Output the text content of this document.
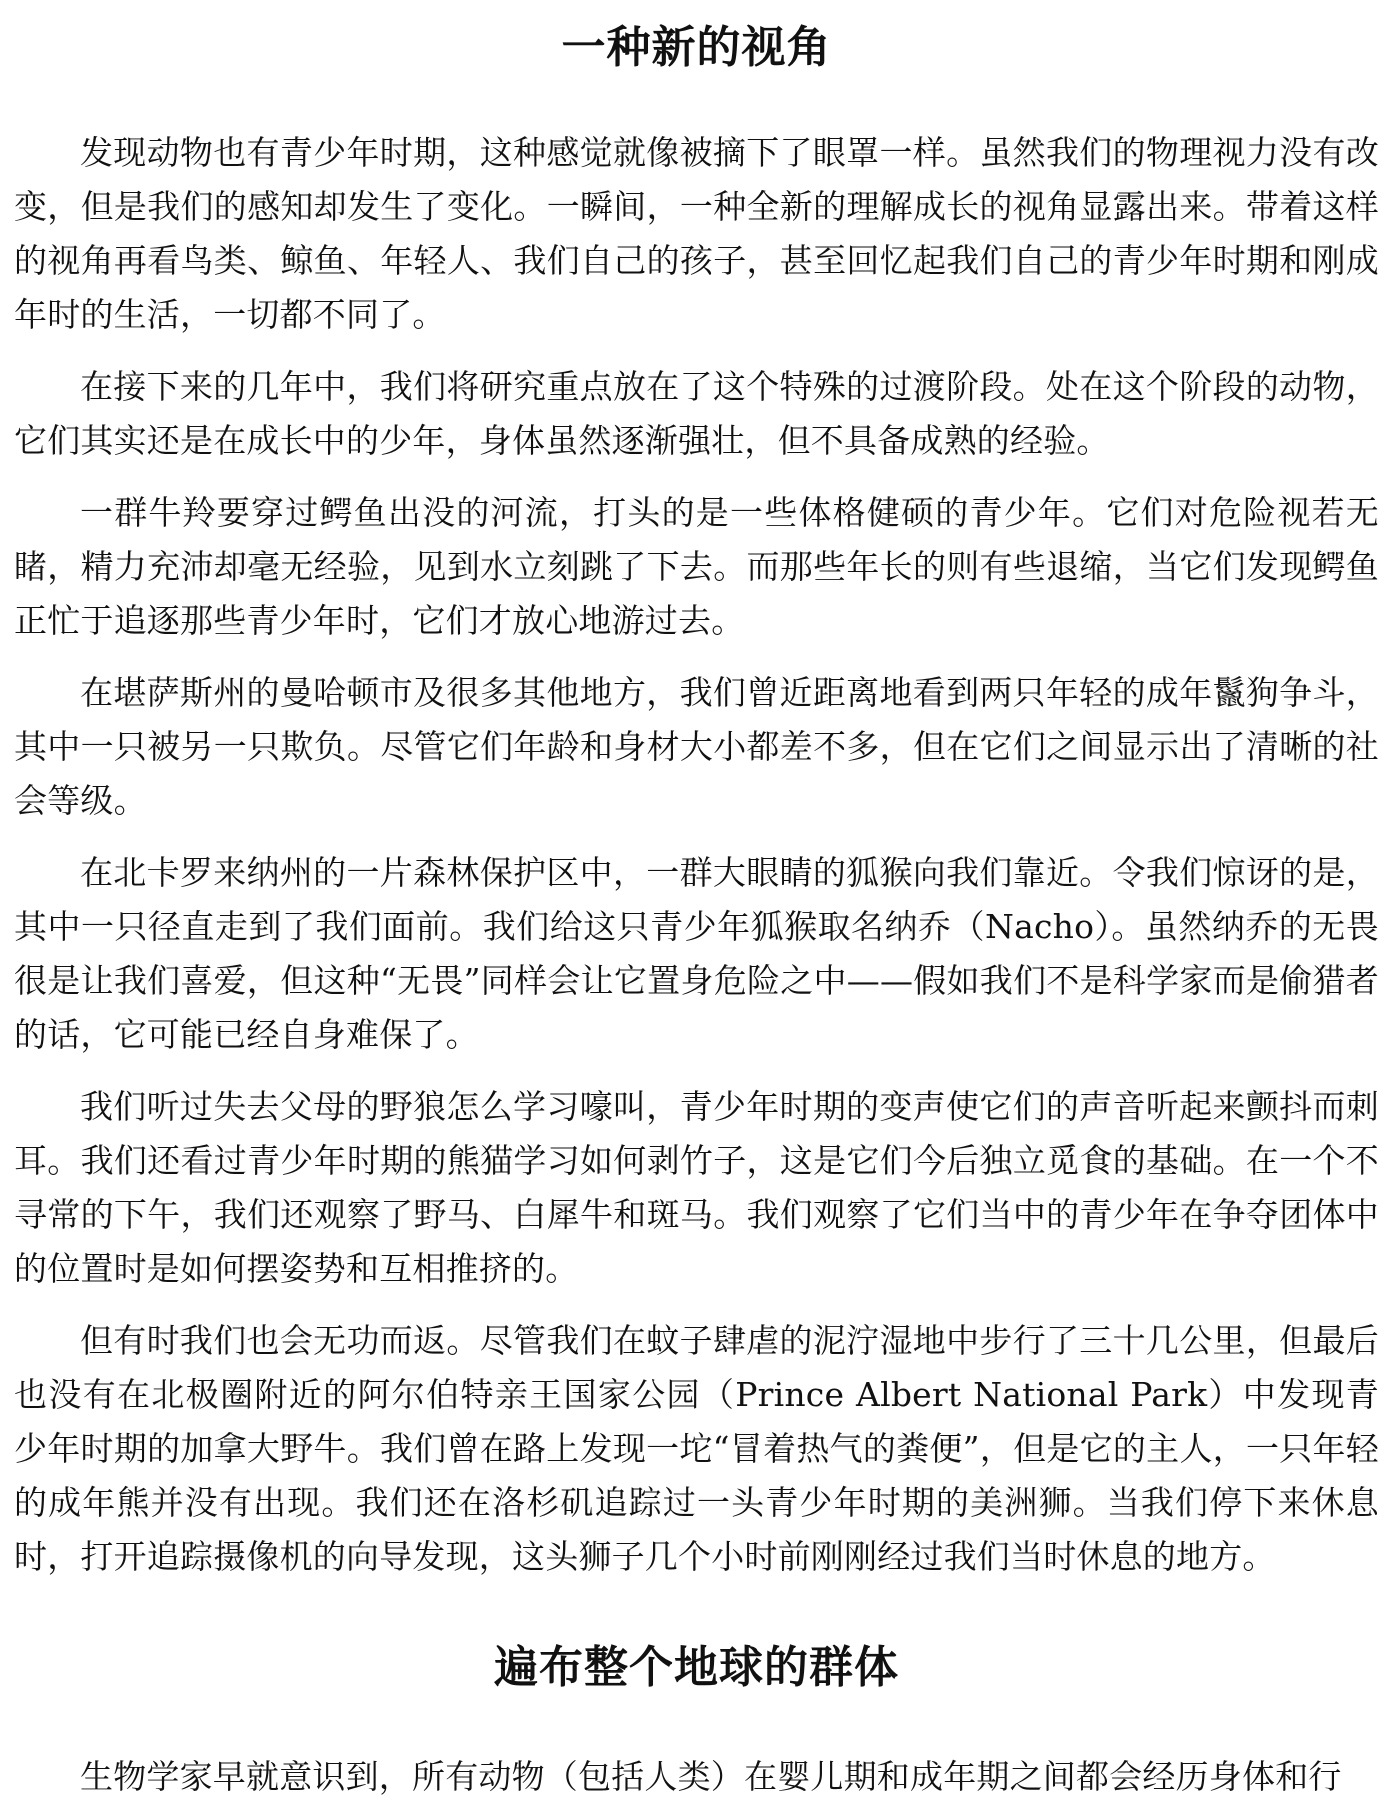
一种新的视角

发现动物也有青少年时期，这种感觉就像被摘下了眼罩一样。虽然我们的物理视力没有改变，但是我们的感知却发生了变化。一瞬间，一种全新的理解成长的视角显露出来。带着这样的视角再看鸟类、鲸鱼、年轻人、我们自己的孩子，甚至回忆起我们自己的青少年时期和刚成年时的生活，一切都不同了。

在接下来的几年中，我们将研究重点放在了这个特殊的过渡阶段。处在这个阶段的动物，它们其实还是在成长中的少年，身体虽然逐渐强壮，但不具备成熟的经验。

一群牛羚要穿过鳄鱼出没的河流，打头的是一些体格健硕的青少年。它们对危险视若无睹，精力充沛却毫无经验，见到水立刻跳了下去。而那些年长的则有些退缩，当它们发现鳄鱼正忙于追逐那些青少年时，它们才放心地游过去。

在堪萨斯州的曼哈顿市及很多其他地方，我们曾近距离地看到两只年轻的成年鬣狗争斗，其中一只被另一只欺负。尽管它们年龄和身材大小都差不多，但在它们之间显示出了清晰的社会等级。

在北卡罗来纳州的一片森林保护区中，一群大眼睛的狐猴向我们靠近。令我们惊讶的是，其中一只径直走到了我们面前。我们给这只青少年狐猴取名纳乔（Nacho）。虽然纳乔的无畏很是让我们喜爱，但这种“无畏”同样会让它置身危险之中——假如我们不是科学家而是偷猎者的话，它可能已经自身难保了。

我们听过失去父母的野狼怎么学习嚎叫，青少年时期的变声使它们的声音听起来颤抖而刺耳。我们还看过青少年时期的熊猫学习如何剥竹子，这是它们今后独立觅食的基础。在一个不寻常的下午，我们还观察了野马、白犀牛和斑马。我们观察了它们当中的青少年在争夺团体中的位置时是如何摆姿势和互相推挤的。

但有时我们也会无功而返。尽管我们在蚊子肆虐的泥泞湿地中步行了三十几公里，但最后也没有在北极圈附近的阿尔伯特亲王国家公园（Prince Albert National Park）中发现青少年时期的加拿大野牛。我们曾在路上发现一坨“冒着热气的粪便”，但是它的主人，一只年轻的成年熊并没有出现。我们还在洛杉矶追踪过一头青少年时期的美洲狮。当我们停下来休息时，打开追踪摄像机的向导发现，这头狮子几个小时前刚刚经过我们当时休息的地方。

遍布整个地球的群体

生物学家早就意识到，所有动物（包括人类）在婴儿期和成年期之间都会经历身体和行
